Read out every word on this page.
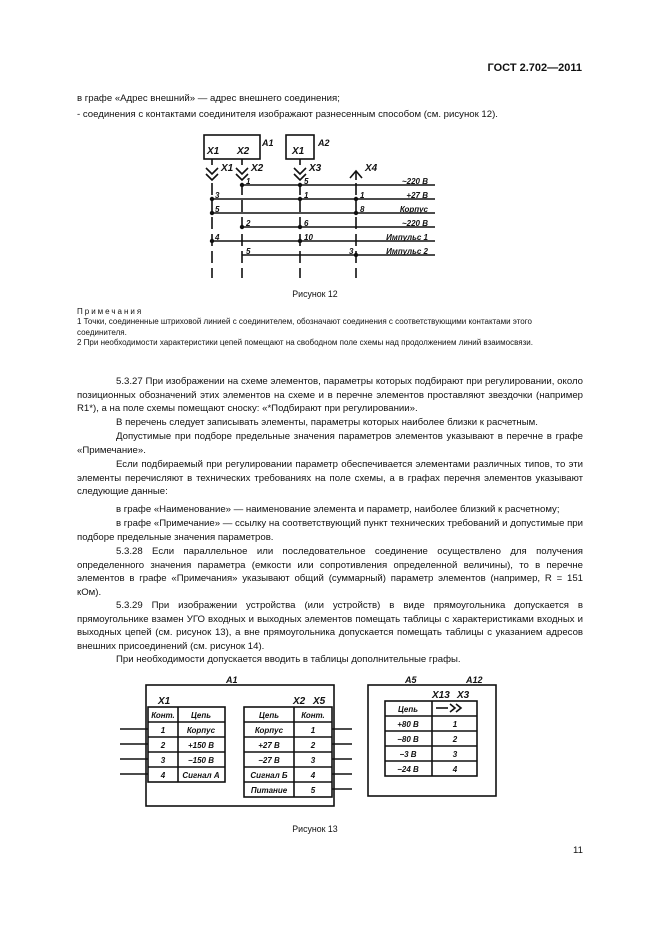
ГОСТ 2.702—2011
в графе «Адрес внешний» — адрес внешнего соединения;
- соединения с контактами соединителя изображают разнесенным способом (см. рисунок 12).
Х1 Х2
А1
Х1
А2
Х1 Х2	Х3	Х4
1	5
3	1	1
5	8
2	6
4	10
5	3
~220 В
+27 В
Корпус
~220 В
Импульс 1
Импульс 2
Рисунок 12
Примечания
1 Точки, соединенные штриховой линией с соединителем, обозначают соединения с соответствующими контактами этого соединителя.
2 При необходимости характеристики цепей помещают на свободном поле схемы над продолжением линий взаимосвязи.

5.3.27 При изображении на схеме элементов, параметры которых подбирают при регулировании, около позиционных обозначений этих элементов на схеме и в перечне элементов проставляют звездочки (например R1*), а на поле схемы помещают сноску: «*Подбирают при регулировании».

В перечень следует записывать элементы, параметры которых наиболее близки к расчетным.

Допустимые при подборе предельные значения параметров элементов указывают в перечне в графе «Примечание».

Если подбираемый при регулировании параметр обеспечивается элементами различных типов, то эти элементы перечисляют в технических требованиях на поле схемы, а в графах перечня элементов указывают следующие данные:

в графе «Наименование» — наименование элемента и параметр, наиболее близкий к расчетному;

в графе «Примечание» — ссылку на соответствующий пункт технических требований и допустимые при подборе предельные значения параметров.

5.3.28 Если параллельное или последовательное соединение осуществлено для получения определенного значения параметра (емкости или сопротивления определенной величины), то в перечне элементов в графе «Примечания» указывают общий (суммарный) параметр элементов (например, R = 151 кОм).

5.3.29 При изображении устройства (или устройств) в виде прямоугольника допускается в прямоугольнике взамен УГО входных и выходных элементов помещать таблицы с характеристиками входных и выходных цепей (см. рисунок 13), а вне прямоугольника допускается помещать таблицы с указанием адресов внешних присоединений (см. рисунок 14).

При необходимости допускается вводить в таблицы дополнительные графы.

А1
Х1	Х2 Х5
Конт. Цепь
1	Корпус
2	+150 В
3	−150 В
4 Сигнал А
Цепь	Конт.
Корпус	1
+27 В	2
−27 В	3
Сигнал Б	4
Питание	5
А5	А12
Х13 Х3
Цепь
+80 В	1
−80 В	2
−3 В	3
−24 В	4
Рисунок 13
11
